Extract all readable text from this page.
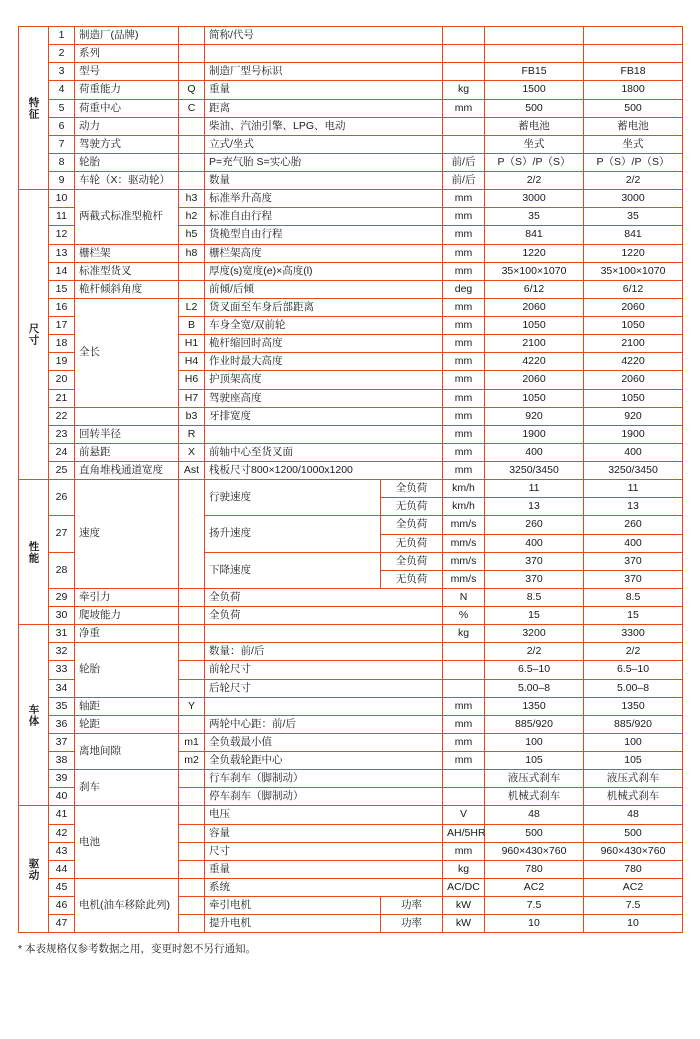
特征	1	制造厂(品牌)		简称/代号				
	2	系列						
	3	型号		制造厂型号标识			FB15	FB18
	4	荷重能力	Q	重量		kg	1500	1800
	5	荷重中心	C	距离		mm	500	500
	6	动力		柴油、汽油引擎、LPG、电动			蓄电池	蓄电池
	7	驾驶方式		立式/坐式			坐式	坐式
	8	轮胎		P=充气胎 S=实心胎		前/后	P（S）/P（S）	P（S）/P（S）
	9	车轮（X：驱动轮）		数量		前/后	2/2	2/2

尺寸	10	两截式标准型桅杆	h3	标准举升高度		mm	3000	3000
	11		h2	标准自由行程		mm	35	35
	12		h5	货桅型自由行程		mm	841	841
	13	栅栏架	h8	栅栏架高度		mm	1220	1220
	14	标准型货叉		厚度(s)宽度(e)×高度(l)		mm	35×100×1070	35×100×1070
	15	桅杆倾斜角度		前倾/后倾		deg	6/12	6/12
	16	全长	L2	货叉面至车身后部距离		mm	2060	2060
	17		B	车身全宽/双前轮		mm	1050	1050
	18		H1	桅杆缩回时高度		mm	2100	2100
	19		H4	作业时最大高度		mm	4220	4220
	20		H6	护顶架高度		mm	2060	2060
	21		H7	驾驶座高度		mm	1050	1050
	22		b3	牙排宽度		mm	920	920
	23	回转半径	R			mm	1900	1900
	24	前悬距	X	前轴中心至货叉面		mm	400	400
	25	直角堆栈通道宽度	Ast	栈板尺寸800×1200/1000x1200		mm	3250/3450	3250/3450

性能	26	速度		行驶速度	全负荷	km/h	11	11
					无负荷	km/h	13	13
	27			扬升速度	全负荷	mm/s	260	260
					无负荷	mm/s	400	400
	28			下降速度	全负荷	mm/s	370	370
					无负荷	mm/s	370	370
	29	牵引力		全负荷		N	8.5	8.5
	30	爬坡能力		全负荷		%	15	15

车体	31	净重				kg	3200	3300
	32	轮胎		数量：前/后			2/2	2/2
	33			前轮尺寸			6.5–10	6.5–10
	34			后轮尺寸			5.00–8	5.00–8
	35	轴距	Y			mm	1350	1350
	36	轮距		两轮中心距：前/后		mm	885/920	885/920
	37	离地间隙	m1	全负载最小值		mm	100	100
	38		m2	全负载轮距中心		mm	105	105
	39	刹车		行车刹车（脚制动）			液压式刹车	液压式刹车
	40			停车刹车（脚制动）			机械式刹车	机械式刹车

驱动	41	电池		电压		V	48	48
	42			容量		AH/5HR	500	500
	43			尺寸		mm	960×430×760	960×430×760
	44			重量		kg	780	780
	45	电机(油车移除此列)		系统		AC/DC	AC2	AC2
	46			牵引电机	功率	kW	7.5	7.5
	47			提升电机	功率	kW	10	10
* 本表规格仅参考数据之用，变更时恕不另行通知。
